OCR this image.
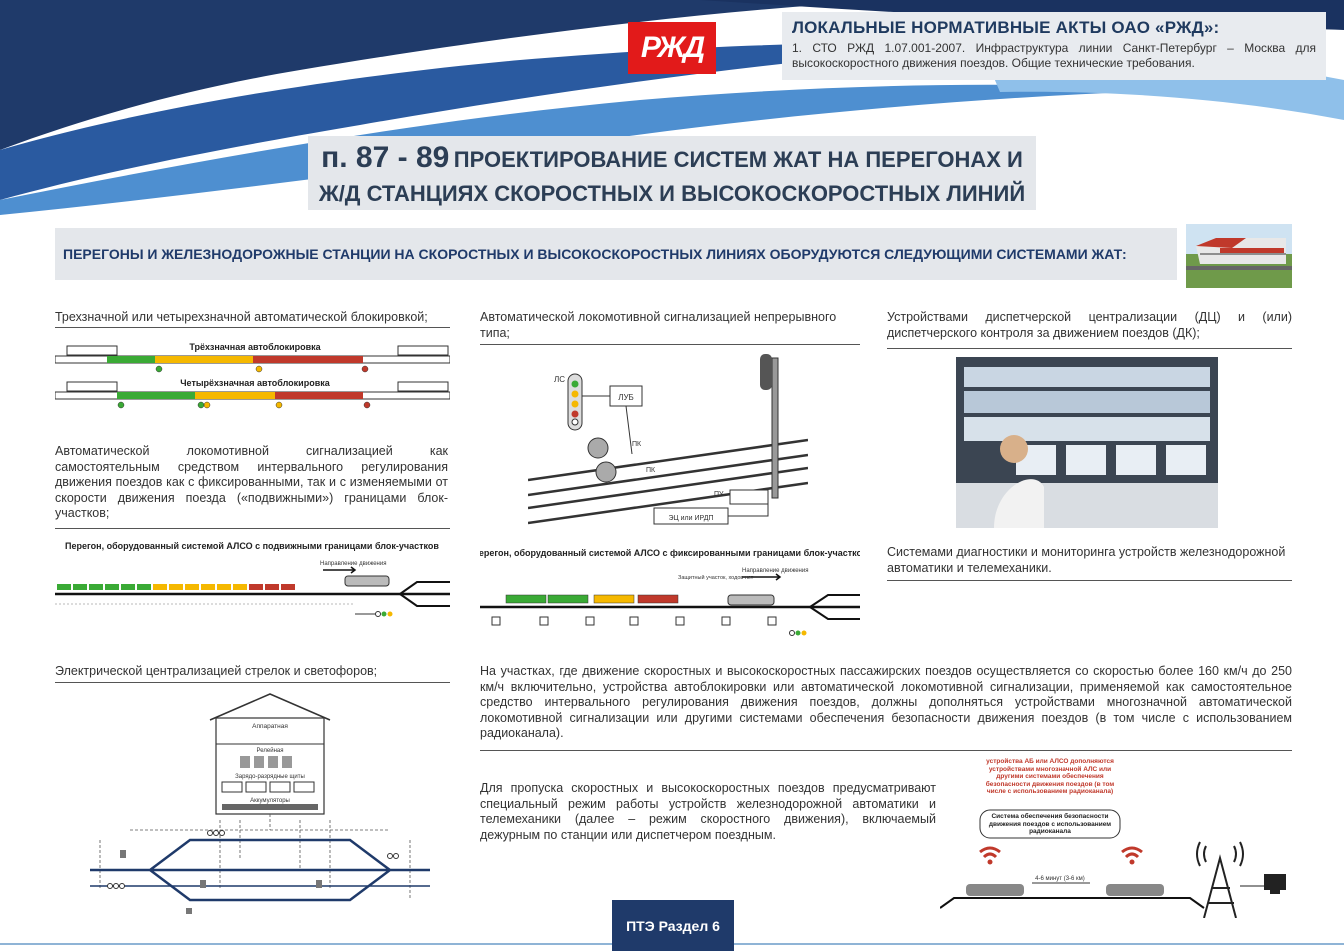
РЖД
ЛОКАЛЬНЫЕ НОРМАТИВНЫЕ АКТЫ ОАО «РЖД»:
1. СТО РЖД 1.07.001-2007. Инфраструктура линии Санкт-Петербург – Москва для высокоскоростного движения поездов. Общие технические требования.
п. 87 - 89 ПРОЕКТИРОВАНИЕ СИСТЕМ ЖАТ НА ПЕРЕГОНАХ И
Ж/Д СТАНЦИЯХ СКОРОСТНЫХ И ВЫСОКОСКОРОСТНЫХ ЛИНИЙ
ПЕРЕГОНЫ И ЖЕЛЕЗНОДОРОЖНЫЕ СТАНЦИИ НА СКОРОСТНЫХ И ВЫСОКОСКОРОСТНЫХ ЛИНИЯХ ОБОРУДУЮТСЯ СЛЕДУЮЩИМИ СИСТЕМАМИ ЖАТ:
Трехзначной или четырехзначной автоматической блокировкой;
Трёхзначная автоблокировка
Четырёхзначная автоблокировка
Автоматической локомотивной сигнализацией как самостоятельным средством интервального регулирования движения поездов как с фиксированными, так и с изменяемыми от скорости движения поезда («подвижными») границами блок-участков;
Перегон, оборудованный системой АЛСО с подвижными границами блок-участков
Направление движения
Электрической централизацией стрелок и светофоров;
Аппаратная
Релейная
Зарядо-разрядные щиты
Аккумуляторы
Автоматической локомотивной сигнализацией непрерывного типа;
ЛС
ЛУБ
ПК
ПК
ПУ
ЭЦ или ИРДП
Перегон, оборудованный системой АЛСО с фиксированными границами блок-участков
Направление движения
Защитный участок, ходов нет
На участках, где движение скоростных и высокоскоростных пассажирских поездов осуществляется со скоростью более 160 км/ч до 250 км/ч включительно, устройства автоблокировки или автоматической локомотивной сигнализации, применяемой как самостоятельное средство интервального регулирования движения поездов, должны дополняться устройствами многозначной автоматической локомотивной сигнализации или другими системами обеспечения безопасности движения поездов (в том числе с использованием радиоканала).
Для пропуска скоростных и высокоскоростных поездов предусматривают специальный режим работы устройств железнодорожной автоматики и телемеханики (далее – режим скоростного движения), включаемый дежурным по станции или диспетчером поездным.
Устройствами диспетчерской централизации (ДЦ) и (или) диспетчерского контроля за движением поездов (ДК);
Системами диагностики и мониторинга устройств железнодорожной автоматики и телемеханики.
устройства АБ или АЛСО дополняются устройствами многозначной АЛС или другими системами обеспечения безопасности движения поездов (в том числе с использованием радиоканала)
Система обеспечения безопасности движения поездов с использованием радиоканала
4-6 минут (3-6 км)
ПТЭ Раздел 6
